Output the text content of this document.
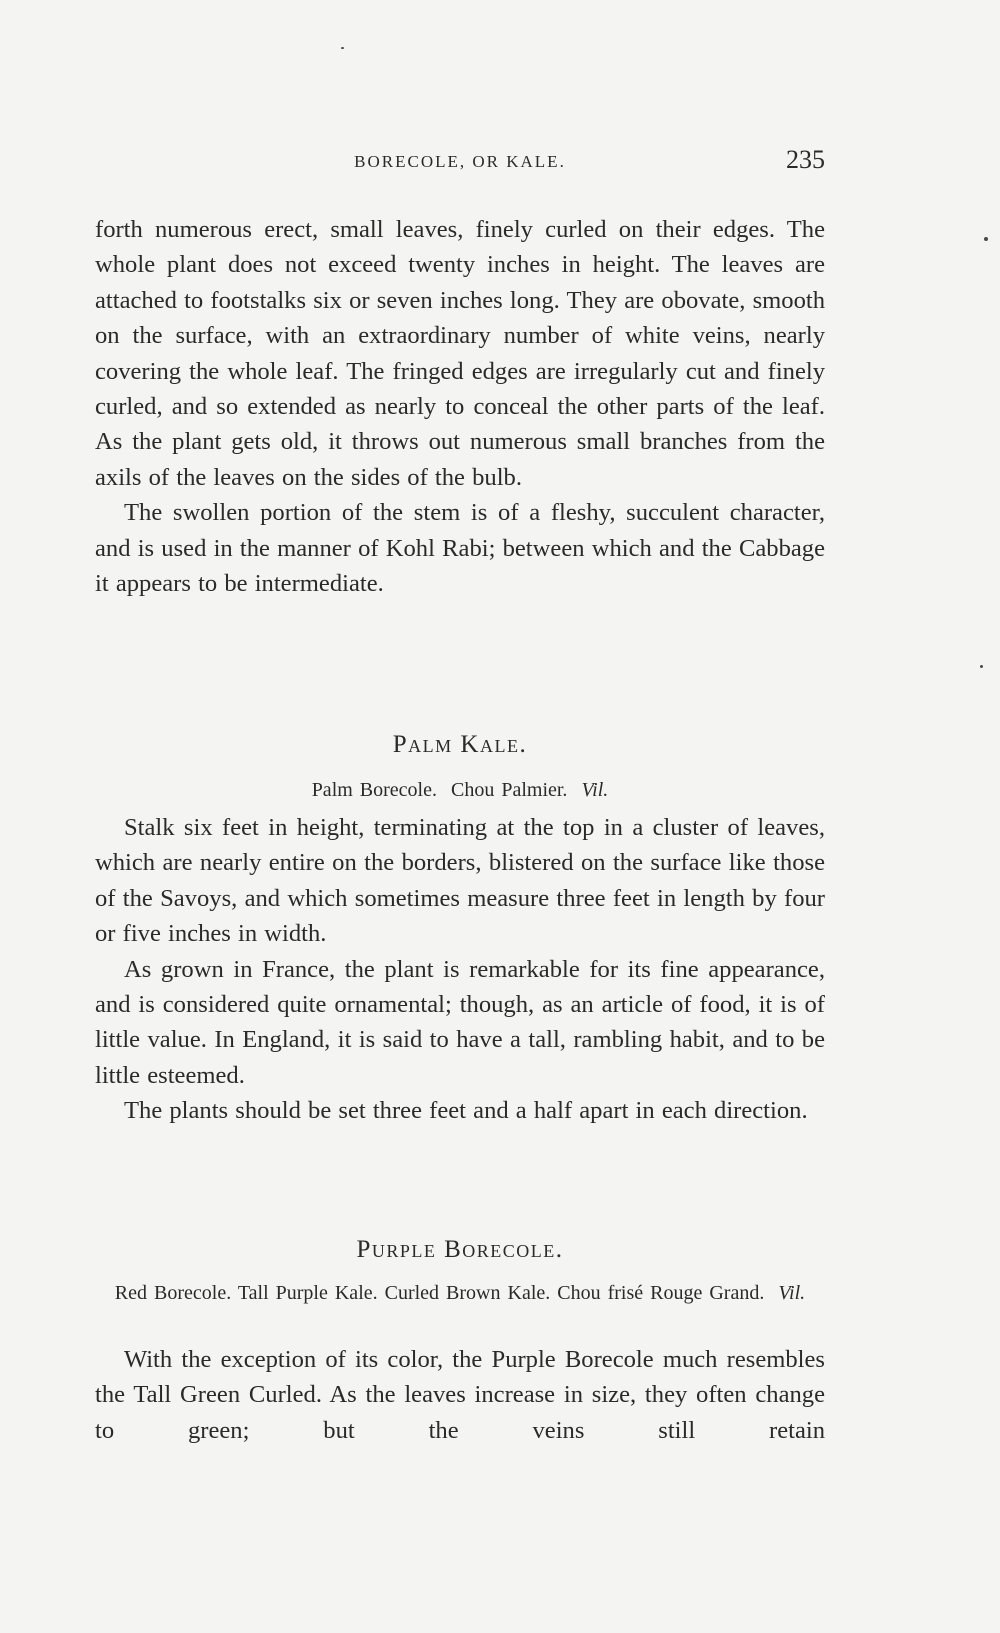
BORECOLE, OR KALE.	235

forth numerous erect, small leaves, finely curled on their edges. The whole plant does not exceed twenty inches in height. The leaves are attached to footstalks six or seven inches long. They are obovate, smooth on the surface, with an extraordinary number of white veins, nearly covering the whole leaf. The fringed edges are irregularly cut and finely curled, and so extended as nearly to conceal the other parts of the leaf. As the plant gets old, it throws out numerous small branches from the axils of the leaves on the sides of the bulb.

The swollen portion of the stem is of a fleshy, succulent character, and is used in the manner of Kohl Rabi; between which and the Cabbage it appears to be intermediate.

Palm Kale.

Palm Borecole.  Chou Palmier. Vil.

Stalk six feet in height, terminating at the top in a cluster of leaves, which are nearly entire on the borders, blistered on the surface like those of the Savoys, and which sometimes measure three feet in length by four or five inches in width.

As grown in France, the plant is remarkable for its fine appearance, and is considered quite ornamental; though, as an article of food, it is of little value. In England, it is said to have a tall, rambling habit, and to be little esteemed.

The plants should be set three feet and a half apart in each direction.

Purple Borecole.

Red Borecole. Tall Purple Kale. Curled Brown Kale. Chou frisé Rouge Grand. Vil.

With the exception of its color, the Purple Borecole much resembles the Tall Green Curled. As the leaves increase in size, they often change to green; but the veins still retain
